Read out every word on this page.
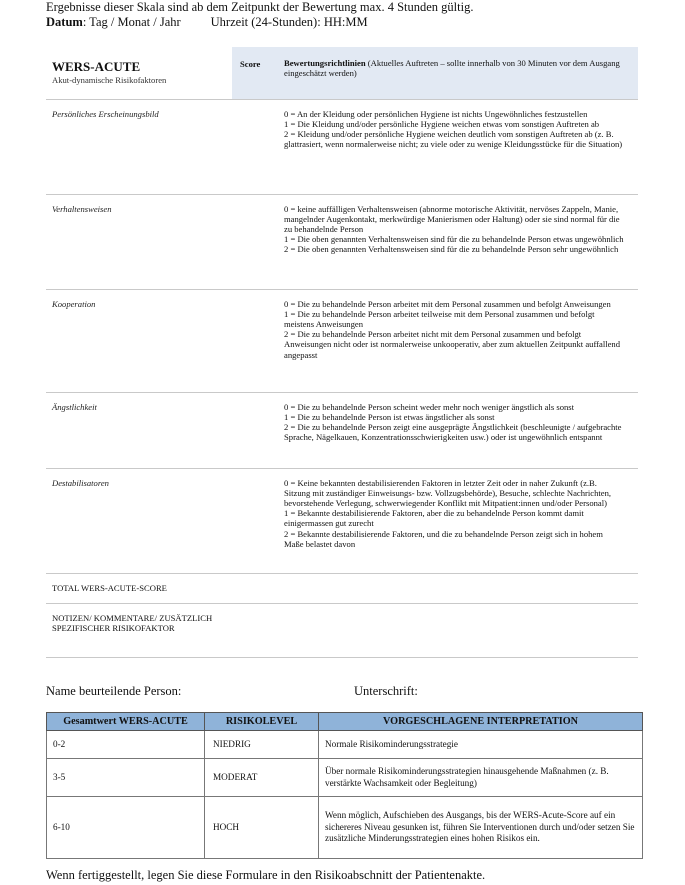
Ergebnisse dieser Skala sind ab dem Zeitpunkt der Bewertung max. 4 Stunden gültig.
Datum: Tag / Monat / Jahr Uhrzeit (24-Stunden): HH:MM
WERS-ACUTE
Akut-dynamische Risikofaktoren	Score	Bewertungsrichtlinien (Aktuelles Auftreten – sollte innerhalb von 30 Minuten vor dem Ausgang eingeschätzt werden)
Persönliches Erscheinungsbild		0 = An der Kleidung oder persönlichen Hygiene ist nichts Ungewöhnliches festzustellen
1 = Die Kleidung und/oder persönliche Hygiene weichen etwas vom sonstigen Auftreten ab
2 = Kleidung und/oder persönliche Hygiene weichen deutlich vom sonstigen Auftreten ab (z. B. glattrasiert, wenn normalerweise nicht; zu viele oder zu wenige Kleidungsstücke für die Situation)

Verhaltensweisen		0 = keine auffälligen Verhaltensweisen (abnorme motorische Aktivität, nervöses Zappeln, Manie, mangelnder Augenkontakt, merkwürdige Manierismen oder Haltung) oder sie sind normal für die zu behandelnde Person
1 = Die oben genannten Verhaltensweisen sind für die zu behandelnde Person etwas ungewöhnlich
2 = Die oben genannten Verhaltensweisen sind für die zu behandelnde Person sehr ungewöhnlich

Kooperation		0 = Die zu behandelnde Person arbeitet mit dem Personal zusammen und befolgt Anweisungen
1 = Die zu behandelnde Person arbeitet teilweise mit dem Personal zusammen und befolgt meistens Anweisungen
2 = Die zu behandelnde Person arbeitet nicht mit dem Personal zusammen und befolgt Anweisungen nicht oder ist normalerweise unkooperativ, aber zum aktuellen Zeitpunkt auffallend angepasst

Ängstlichkeit		0 = Die zu behandelnde Person scheint weder mehr noch weniger ängstlich als sonst
1 = Die zu behandelnde Person ist etwas ängstlicher als sonst
2 = Die zu behandelnde Person zeigt eine ausgeprägte Ängstlichkeit (beschleunigte / aufgebrachte Sprache, Nägelkauen, Konzentrationsschwierigkeiten usw.) oder ist ungewöhnlich entspannt

Destabilisatoren		0 = Keine bekannten destabilisierenden Faktoren in letzter Zeit oder in naher Zukunft (z.B. Sitzung mit zuständiger Einweisungs- bzw. Vollzugsbehörde), Besuche, schlechte Nachrichten, bevorstehende Verlegung, schwerwiegender Konflikt mit Mitpatient:innen und/oder Personal)
1 = Bekannte destabilisierende Faktoren, aber die zu behandelnde Person kommt damit einigermassen gut zurecht
2 = Bekannte destabilisierende Faktoren, und die zu behandelnde Person zeigt sich in hohem Maße belastet davon

TOTAL WERS-ACUTE-SCORE		
NOTIZEN/ KOMMENTARE/ ZUSÄTZLICH SPEZIFISCHER RISIKOFAKTOR		
Name beurteilende Person:	Unterschrift:
Gesamtwert WERS-ACUTE	RISIKOLEVEL	VORGESCHLAGENE INTERPRETATION
0-2	NIEDRIG	Normale Risikominderungsstrategie
3-5	MODERAT	Über normale Risikominderungsstrategien hinausgehende Maßnahmen (z. B. verstärkte Wachsamkeit oder Begleitung)
6-10	HOCH	Wenn möglich, Aufschieben des Ausgangs, bis der WERS-Acute-Score auf ein sichereres Niveau gesunken ist, führen Sie Interventionen durch und/oder setzen Sie zusätzliche Minderungsstrategien eines hohen Risikos ein.
Wenn fertiggestellt, legen Sie diese Formulare in den Risikoabschnitt der Patientenakte.
